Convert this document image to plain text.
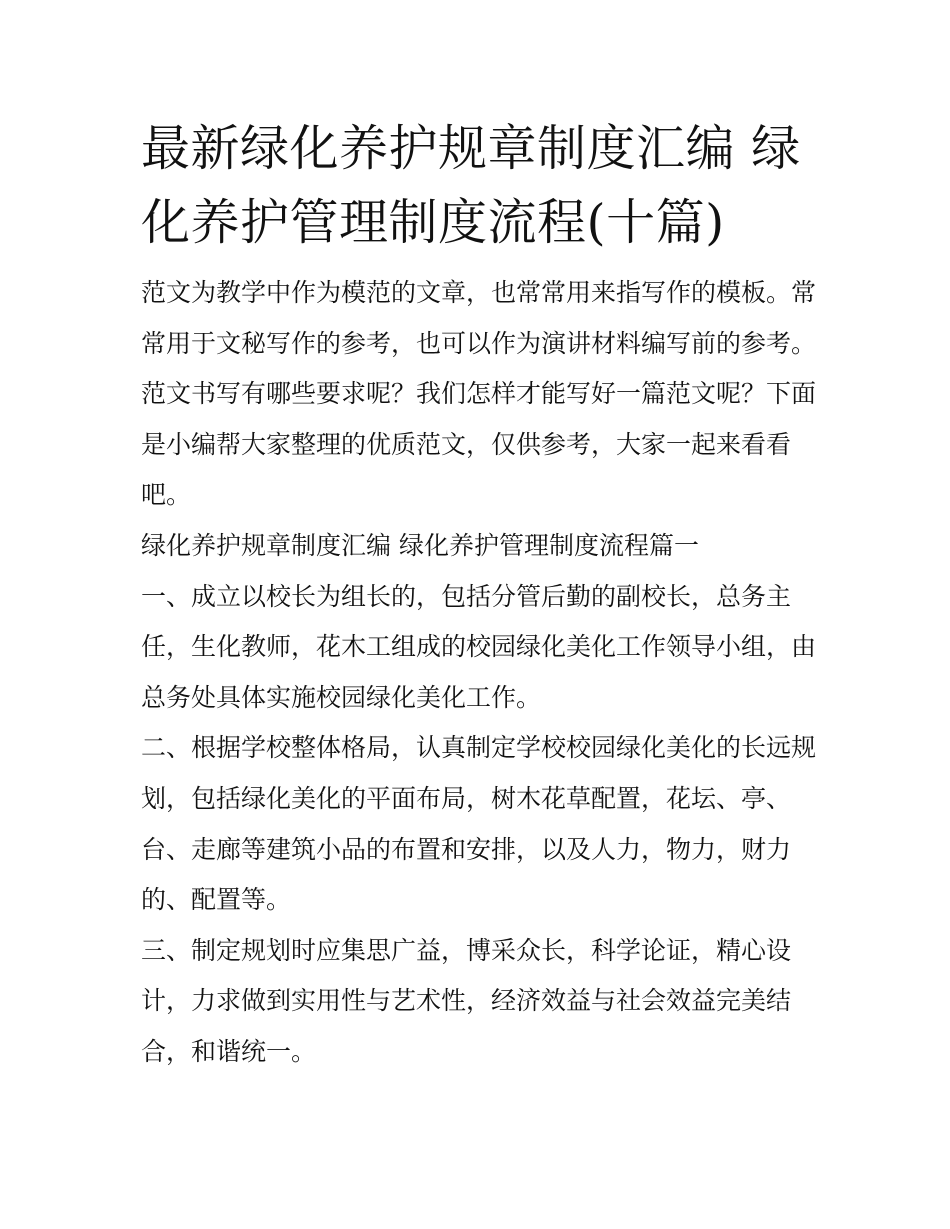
最新绿化养护规章制度汇编 绿化养护管理制度流程(十篇)

范文为教学中作为模范的文章，也常常用来指写作的模板。常常用于文秘写作的参考，也可以作为演讲材料编写前的参考。范文书写有哪些要求呢？我们怎样才能写好一篇范文呢？下面是小编帮大家整理的优质范文，仅供参考，大家一起来看看吧。

绿化养护规章制度汇编 绿化养护管理制度流程篇一

一、成立以校长为组长的，包括分管后勤的副校长，总务主任，生化教师，花木工组成的校园绿化美化工作领导小组，由总务处具体实施校园绿化美化工作。

二、根据学校整体格局，认真制定学校校园绿化美化的长远规划，包括绿化美化的平面布局，树木花草配置，花坛、亭、台、走廊等建筑小品的布置和安排，以及人力，物力，财力的、配置等。

三、制定规划时应集思广益，博采众长，科学论证，精心设计，力求做到实用性与艺术性，经济效益与社会效益完美结合，和谐统一。
